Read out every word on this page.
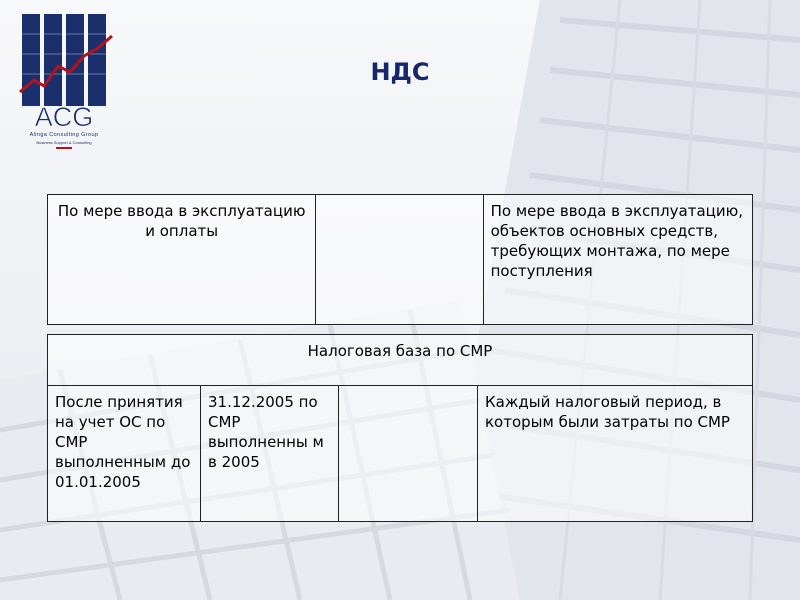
ACG
Alinga Consulting Group
Business Support & Consulting
НДС
По мере ввода в эксплуатацию и оплаты		По мере ввода в эксплуатацию, объектов основных средств, требующих монтажа, по мере поступления
Налоговая база по СМР
После принятия на учет ОС по СМР выполненным до 01.01.2005	31.12.2005 по СМР выполненны м в 2005		Каждый налоговый период, в которым были затраты по СМР
